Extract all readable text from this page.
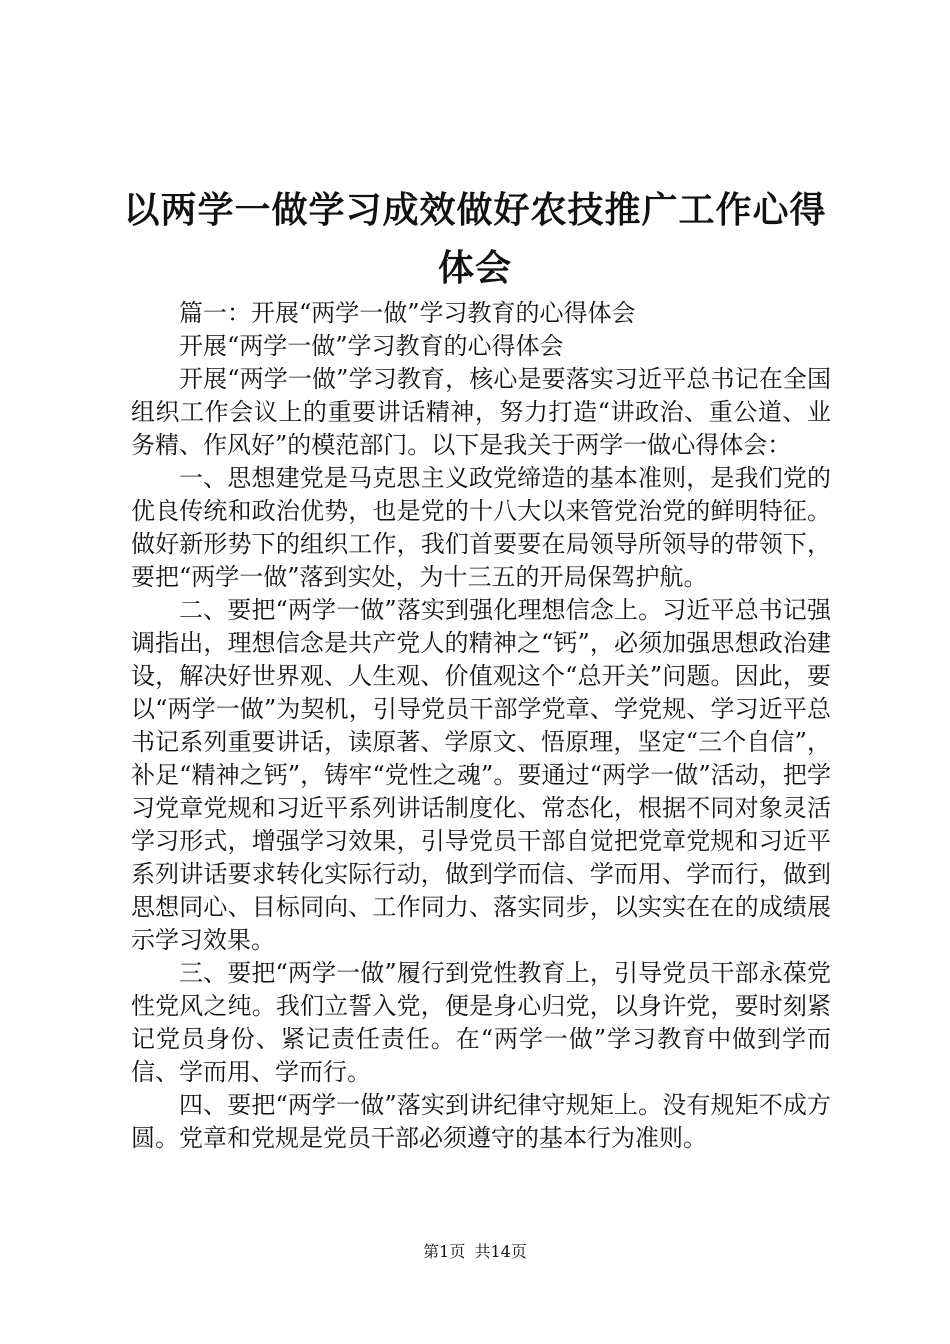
以两学一做学习成效做好农技推广工作心得体会

篇一：开展“两学一做”学习教育的心得体会

开展“两学一做”学习教育的心得体会

开展“两学一做”学习教育，核心是要落实习近平总书记在全国组织工作会议上的重要讲话精神，努力打造“讲政治、重公道、业务精、作风好”的模范部门。以下是我关于两学一做心得体会：

一、思想建党是马克思主义政党缔造的基本准则，是我们党的优良传统和政治优势，也是党的十八大以来管党治党的鲜明特征。做好新形势下的组织工作，我们首要要在局领导所领导的带领下，要把“两学一做”落到实处，为十三五的开局保驾护航。

二、要把“两学一做”落实到强化理想信念上。习近平总书记强调指出，理想信念是共产党人的精神之“钙”，必须加强思想政治建设，解决好世界观、人生观、价值观这个“总开关”问题。因此，要以“两学一做”为契机，引导党员干部学党章、学党规、学习近平总书记系列重要讲话，读原著、学原文、悟原理，坚定“三个自信”，补足“精神之钙”，铸牢“党性之魂”。要通过“两学一做”活动，把学习党章党规和习近平系列讲话制度化、常态化，根据不同对象灵活学习形式，增强学习效果，引导党员干部自觉把党章党规和习近平系列讲话要求转化实际行动，做到学而信、学而用、学而行，做到思想同心、目标同向、工作同力、落实同步，以实实在在的成绩展示学习效果。

三、要把“两学一做”履行到党性教育上，引导党员干部永葆党性党风之纯。我们立誓入党，便是身心归党，以身许党，要时刻紧记党员身份、紧记责任责任。在“两学一做”学习教育中做到学而信、学而用、学而行。

四、要把“两学一做”落实到讲纪律守规矩上。没有规矩不成方圆。党章和党规是党员干部必须遵守的基本行为准则。

第1页 共14页
